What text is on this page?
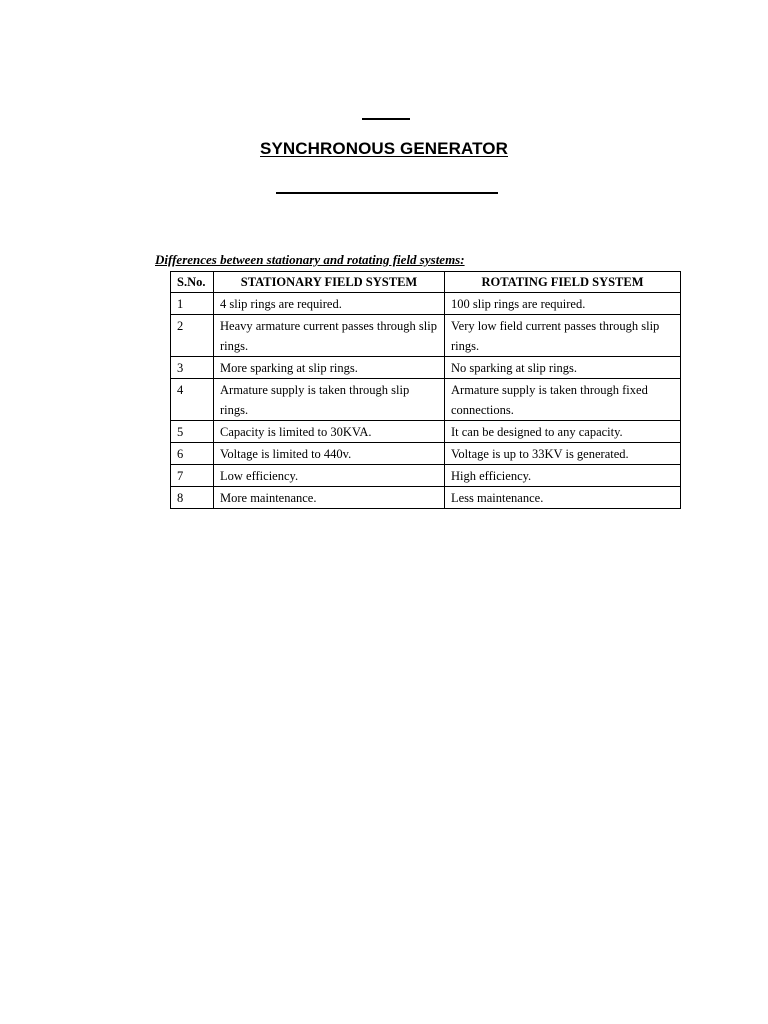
SYNCHRONOUS GENERATOR
Differences between stationary and rotating field systems:
S.No.	STATIONARY FIELD SYSTEM	ROTATING FIELD SYSTEM
1	4 slip rings are required.	100 slip rings are required.
2	Heavy armature current passes through slip rings.	Very low field current passes through slip rings.
3	More sparking at slip rings.	No sparking at slip rings.
4	Armature supply is taken through slip rings.	Armature supply is taken through fixed connections.
5	Capacity is limited to 30KVA.	It can be designed to any capacity.
6	Voltage is limited to 440v.	Voltage is up to 33KV is generated.
7	Low efficiency.	High efficiency.
8	More maintenance.	Less maintenance.
